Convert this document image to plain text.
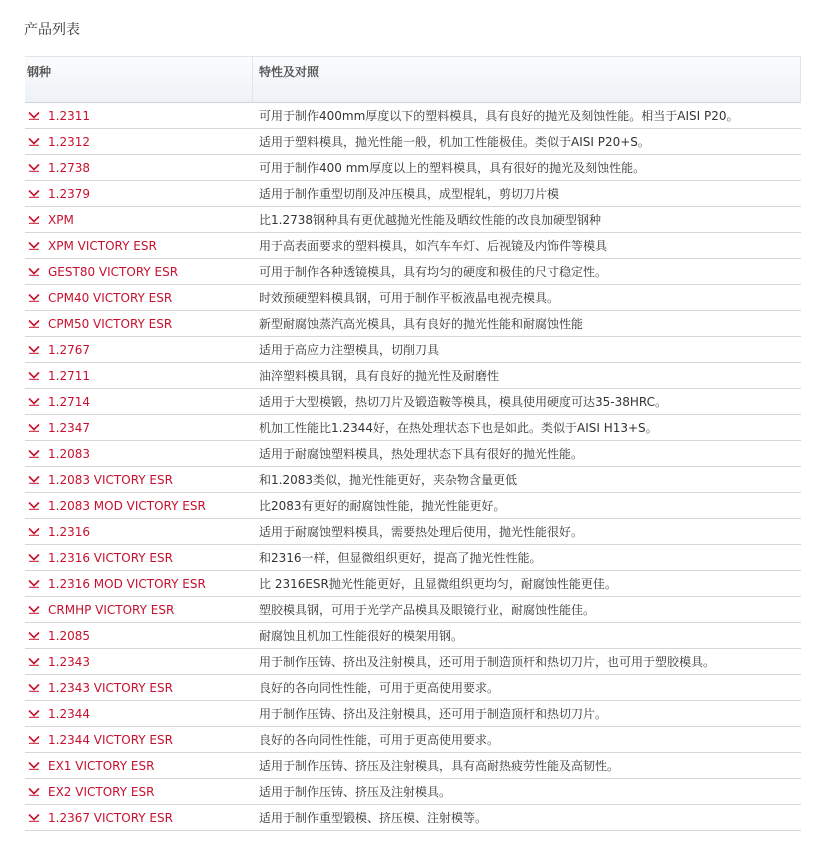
产品列表
钢种	特性及对照
1.2311	可用于制作400mm厚度以下的塑料模具，具有良好的抛光及刻蚀性能。相当于AISI P20。
1.2312	适用于塑料模具，抛光性能一般，机加工性能极佳。类似于AISI P20+S。
1.2738	可用于制作400 mm厚度以上的塑料模具，具有很好的抛光及刻蚀性能。
1.2379	适用于制作重型切削及冲压模具，成型棍轧，剪切刀片模
XPM	比1.2738钢种具有更优越抛光性能及晒纹性能的改良加硬型钢种
XPM VICTORY ESR	用于高表面要求的塑料模具，如汽车车灯、后视镜及内饰件等模具
GEST80 VICTORY ESR	可用于制作各种透镜模具，具有均匀的硬度和极佳的尺寸稳定性。
CPM40 VICTORY ESR	时效预硬塑料模具钢，可用于制作平板液晶电视壳模具。
CPM50 VICTORY ESR	新型耐腐蚀蒸汽高光模具，具有良好的抛光性能和耐腐蚀性能
1.2767	适用于高应力注塑模具，切削刀具
1.2711	油淬塑料模具钢，具有良好的抛光性及耐磨性
1.2714	适用于大型模锻，热切刀片及锻造鞍等模具，模具使用硬度可达35-38HRC。
1.2347	机加工性能比1.2344好，在热处理状态下也是如此。类似于AISI H13+S。
1.2083	适用于耐腐蚀塑料模具，热处理状态下具有很好的抛光性能。
1.2083 VICTORY ESR	和1.2083类似，抛光性能更好，夹杂物含量更低
1.2083 MOD VICTORY ESR	比2083有更好的耐腐蚀性能，抛光性能更好。
1.2316	适用于耐腐蚀塑料模具，需要热处理后使用，抛光性能很好。
1.2316 VICTORY ESR	和2316一样，但显微组织更好，提高了抛光性性能。
1.2316 MOD VICTORY ESR	比 2316ESR抛光性能更好，且显微组织更均匀，耐腐蚀性能更佳。
CRMHP VICTORY ESR	塑胶模具钢，可用于光学产品模具及眼镜行业，耐腐蚀性能佳。
1.2085	耐腐蚀且机加工性能很好的模架用钢。
1.2343	用于制作压铸、挤出及注射模具，还可用于制造顶杆和热切刀片，也可用于塑胶模具。
1.2343 VICTORY ESR	良好的各向同性性能，可用于更高使用要求。
1.2344	用于制作压铸、挤出及注射模具，还可用于制造顶杆和热切刀片。
1.2344 VICTORY ESR	良好的各向同性性能，可用于更高使用要求。
EX1 VICTORY ESR	适用于制作压铸、挤压及注射模具，具有高耐热疲劳性能及高韧性。
EX2 VICTORY ESR	适用于制作压铸、挤压及注射模具。
1.2367 VICTORY ESR	适用于制作重型锻模、挤压模、注射模等。
